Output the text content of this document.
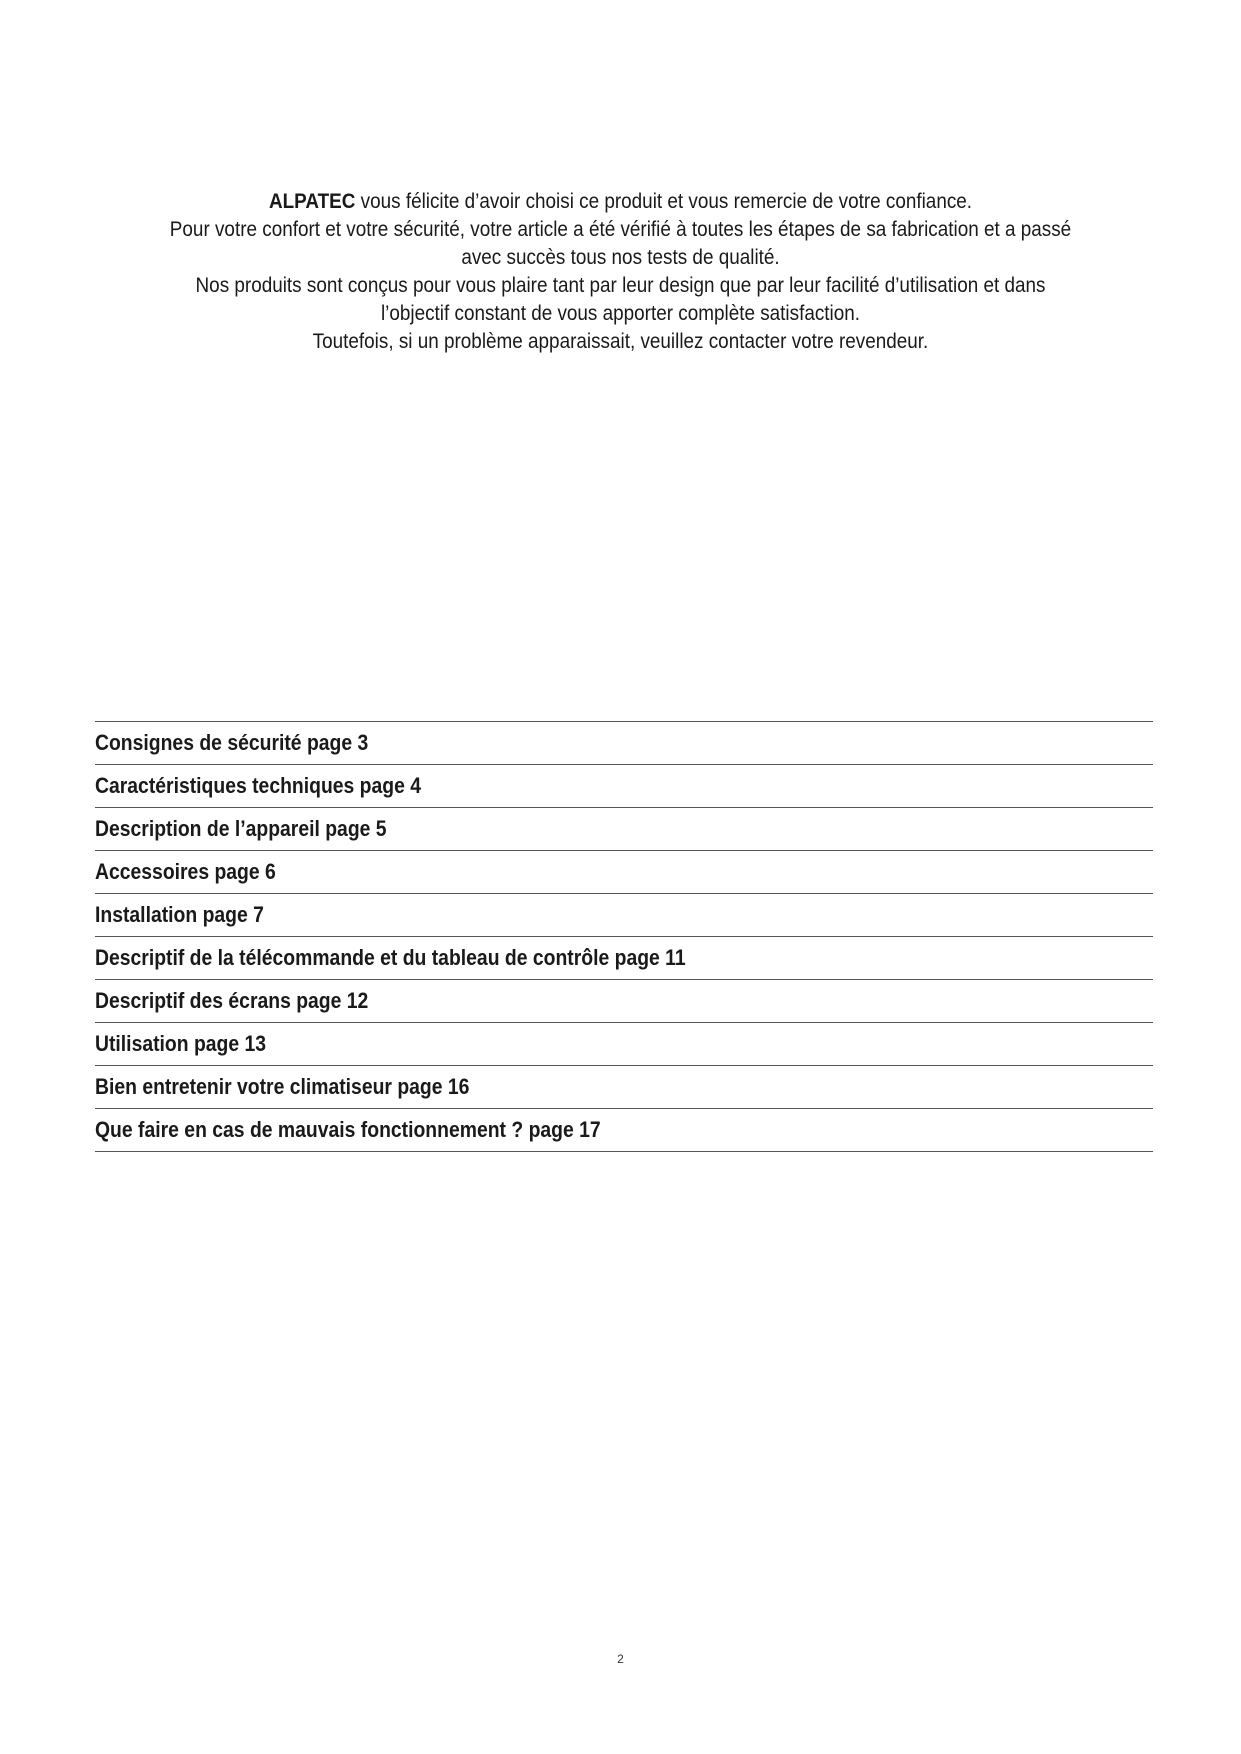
ALPATEC vous félicite d’avoir choisi ce produit et vous remercie de votre confiance.
Pour votre confort et votre sécurité, votre article a été vérifié à toutes les étapes de sa fabrication et a passé
avec succès tous nos tests de qualité.
Nos produits sont conçus pour vous plaire tant par leur design que par leur facilité d’utilisation et dans
l’objectif constant de vous apporter complète satisfaction.
Toutefois, si un problème apparaissait, veuillez contacter votre revendeur.
Consignes de sécurité page 3
Caractéristiques techniques page 4
Description de l’appareil page 5
Accessoires page 6
Installation page 7
Descriptif de la télécommande et du tableau de contrôle page 11
Descriptif des écrans page 12
Utilisation page 13
Bien entretenir votre climatiseur page 16
Que faire en cas de mauvais fonctionnement ? page 17
2
